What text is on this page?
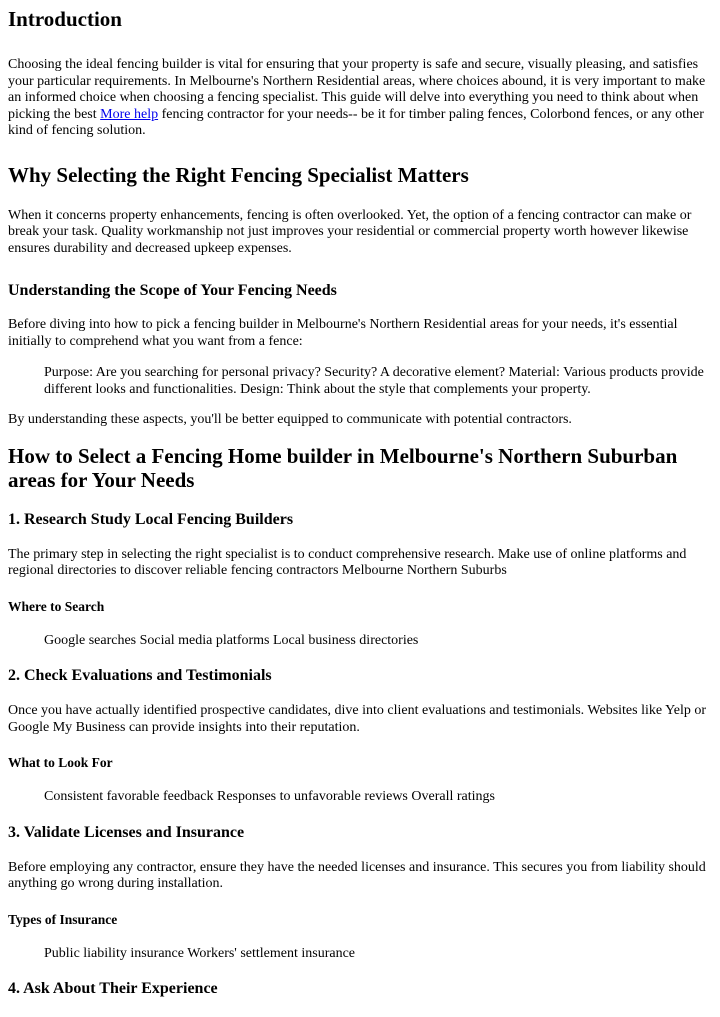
Introduction

Choosing the ideal fencing builder is vital for ensuring that your property is safe and secure, visually pleasing, and satisfies your particular requirements. In Melbourne's Northern Residential areas, where choices abound, it is very important to make an informed choice when choosing a fencing specialist. This guide will delve into everything you need to think about when picking the best More help fencing contractor for your needs-- be it for timber paling fences, Colorbond fences, or any other kind of fencing solution.

Why Selecting the Right Fencing Specialist Matters

When it concerns property enhancements, fencing is often overlooked. Yet, the option of a fencing contractor can make or break your task. Quality workmanship not just improves your residential or commercial property worth however likewise ensures durability and decreased upkeep expenses.

Understanding the Scope of Your Fencing Needs

Before diving into how to pick a fencing builder in Melbourne's Northern Residential areas for your needs, it's essential initially to comprehend what you want from a fence:

Purpose: Are you searching for personal privacy? Security? A decorative element? Material: Various products provide different looks and functionalities. Design: Think about the style that complements your property.

By understanding these aspects, you'll be better equipped to communicate with potential contractors.

How to Select a Fencing Home builder in Melbourne's Northern Suburban areas for Your Needs
1. Research Study Local Fencing Builders

The primary step in selecting the right specialist is to conduct comprehensive research. Make use of online platforms and regional directories to discover reliable fencing contractors Melbourne Northern Suburbs

Where to Search

Google searches Social media platforms Local business directories

2. Check Evaluations and Testimonials

Once you have actually identified prospective candidates, dive into client evaluations and testimonials. Websites like Yelp or Google My Business can provide insights into their reputation.

What to Look For

Consistent favorable feedback Responses to unfavorable reviews Overall ratings

3. Validate Licenses and Insurance

Before employing any contractor, ensure they have the needed licenses and insurance. This secures you from liability should anything go wrong during installation.

Types of Insurance

Public liability insurance Workers' settlement insurance

4. Ask About Their Experience
